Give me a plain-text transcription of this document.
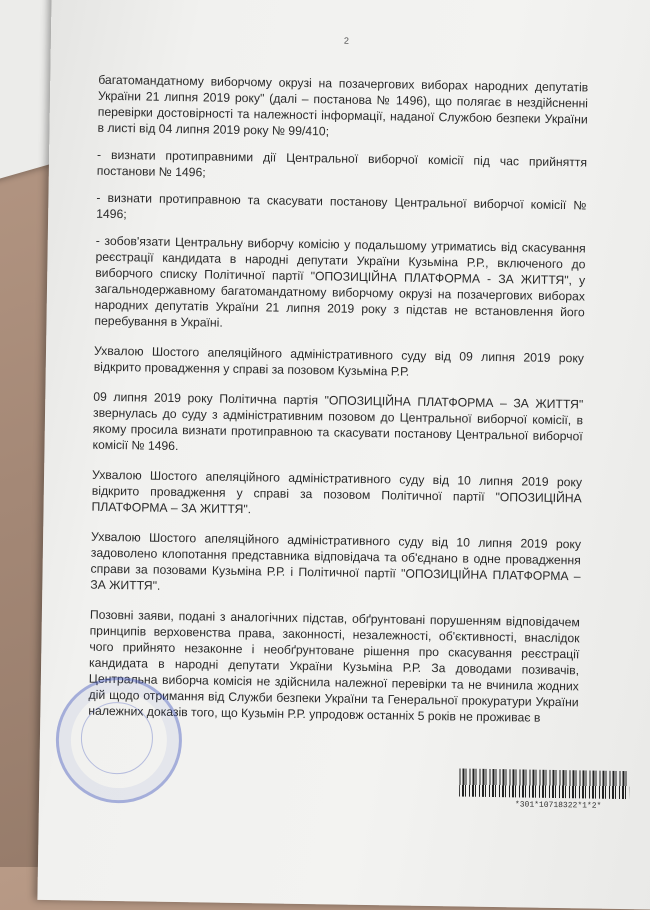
2

багатомандатному виборчому окрузі на позачергових виборах народних депутатів України 21 липня 2019 року" (далі – постанова № 1496), що полягає в нездійсненні перевірки достовірності та належності інформації, наданої Службою безпеки України в листі від 04 липня 2019 року № 99/410;

- визнати протиправними дії Центральної виборчої комісії під час прийняття постанови № 1496;

- визнати протиправною та скасувати постанову Центральної виборчої комісії № 1496;

- зобов'язати Центральну виборчу комісію у подальшому утриматись від скасування реєстрації кандидата в народні депутати України Кузьміна Р.Р., включеного до виборчого списку Політичної партії "ОПОЗИЦІЙНА ПЛАТФОРМА - ЗА ЖИТТЯ", у загальнодержавному багатомандатному виборчому окрузі на позачергових виборах народних депутатів України 21 липня 2019 року з підстав не встановлення його перебування в Україні.

Ухвалою Шостого апеляційного адміністративного суду від 09 липня 2019 року відкрито провадження у справі за позовом Кузьміна Р.Р.

09 липня 2019 року Політична партія "ОПОЗИЦІЙНА ПЛАТФОРМА – ЗА ЖИТТЯ" звернулась до суду з адміністративним позовом до Центральної виборчої комісії, в якому просила визнати протиправною та скасувати постанову Центральної виборчої комісії № 1496.

Ухвалою Шостого апеляційного адміністративного суду від 10 липня 2019 року відкрито провадження у справі за позовом Політичної партії "ОПОЗИЦІЙНА ПЛАТФОРМА – ЗА ЖИТТЯ".

Ухвалою Шостого апеляційного адміністративного суду від 10 липня 2019 року задоволено клопотання представника відповідача та об'єднано в одне провадження справи за позовами Кузьміна Р.Р. і Політичної партії "ОПОЗИЦІЙНА ПЛАТФОРМА – ЗА ЖИТТЯ".

Позовні заяви, подані з аналогічних підстав, обґрунтовані порушенням відповідачем принципів верховенства права, законності, незалежності, об'єктивності, внаслідок чого прийнято незаконне і необґрунтоване рішення про скасування реєстрації кандидата в народні депутати України Кузьміна Р.Р. За доводами позивачів, Центральна виборча комісія не здійснила належної перевірки та не вчинила жодних дій щодо отримання від Служби безпеки України та Генеральної прокуратури України належних доказів того, що Кузьмін Р.Р. упродовж останніх 5 років не проживає в

*301*10718322*1*2*
